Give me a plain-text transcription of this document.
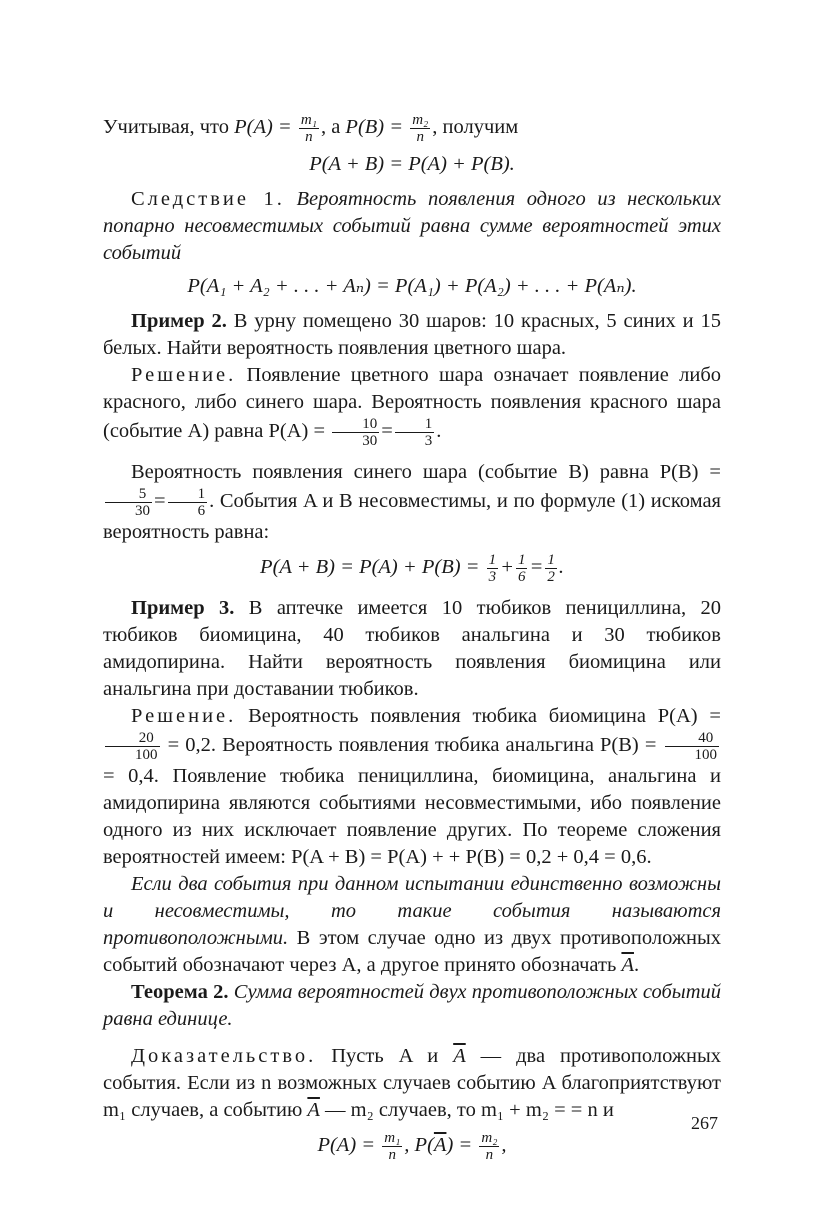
Учитывая, что $P(A) = \frac{\text{m₁}}{n}$ , а $P(B) = \frac{\text{m₂}}{n}$ , получим

P(A + B) = P(A) + P(B).

Следствие 1. Вероятность появления одного из нескольких попарно несовместимых событий равна сумме вероятностей этих событий

P(A₁ + A₂ + . . . + Aₙ) = P(A₁) + P(A₂) + . . . + P(Aₙ).

Пример 2. В урну помещено 30 шаров: 10 красных, 5 синих и 15 белых. Найти вероятность появления цветного шара.

Решение. Появление цветного шара означает появление либо красного, либо синего шара. Вероятность появления красного шара (событие A) равна $P(A) = \frac{10}{30} = \frac{1}{3}$ .

Вероятность появления синего шара (событие B) равна P(B) =
$\frac{5}{30} = \frac{1}{6}$ . События A и B несовместимы, и по формуле (1) искомая вероятность равна:

$P(A + B) = P(A) + P(B) = \frac{1}{3} + \frac{1}{6} = \frac{1}{2}$ .

Пример 3. В аптечке имеется 10 тюбиков пенициллина, 20 тюбиков биомицина, 40 тюбиков анальгина и 30 тюбиков амидопирина. Найти вероятность появления биомицина или анальгина при доставании тюбиков.

Решение. Вероятность появления тюбика биомицина P(A) =
$\frac{20}{100} = 0,2$. Вероятность появления тюбика анальгина $P(B) = \frac{40}{100}$
= 0,4. Появление тюбика пенициллина, биомицина, анальгина и амидопирина являются событиями несовместимыми, ибо появление одного из них исключает появление других. По теореме сложения вероятностей имеем: P(A + B) = P(A) + + P(B) = 0,2 + 0,4 = 0,6.

Если два события при данном испытании единственно возможны и несовместимы, то такие события называются противоположными. В этом случае одно из двух противоположных событий обозначают через A, а другое принято обозначать $\overline{A}$.

Теорема 2. Сумма вероятностей двух противоположных событий равна единице.

Доказательство. Пусть A и $\overline{A}$ — два противоположных события. Если из n возможных случаев событию A благоприятствуют m₁ случаев, а событию $\overline{A}$ — m₂ случаев, то m₁ + m₂ = = n и

$P(A) = \frac{\text{m₁}}{n}$ , $P(\overline{A}) = \frac{\text{m₂}}{n}$ ,

267
